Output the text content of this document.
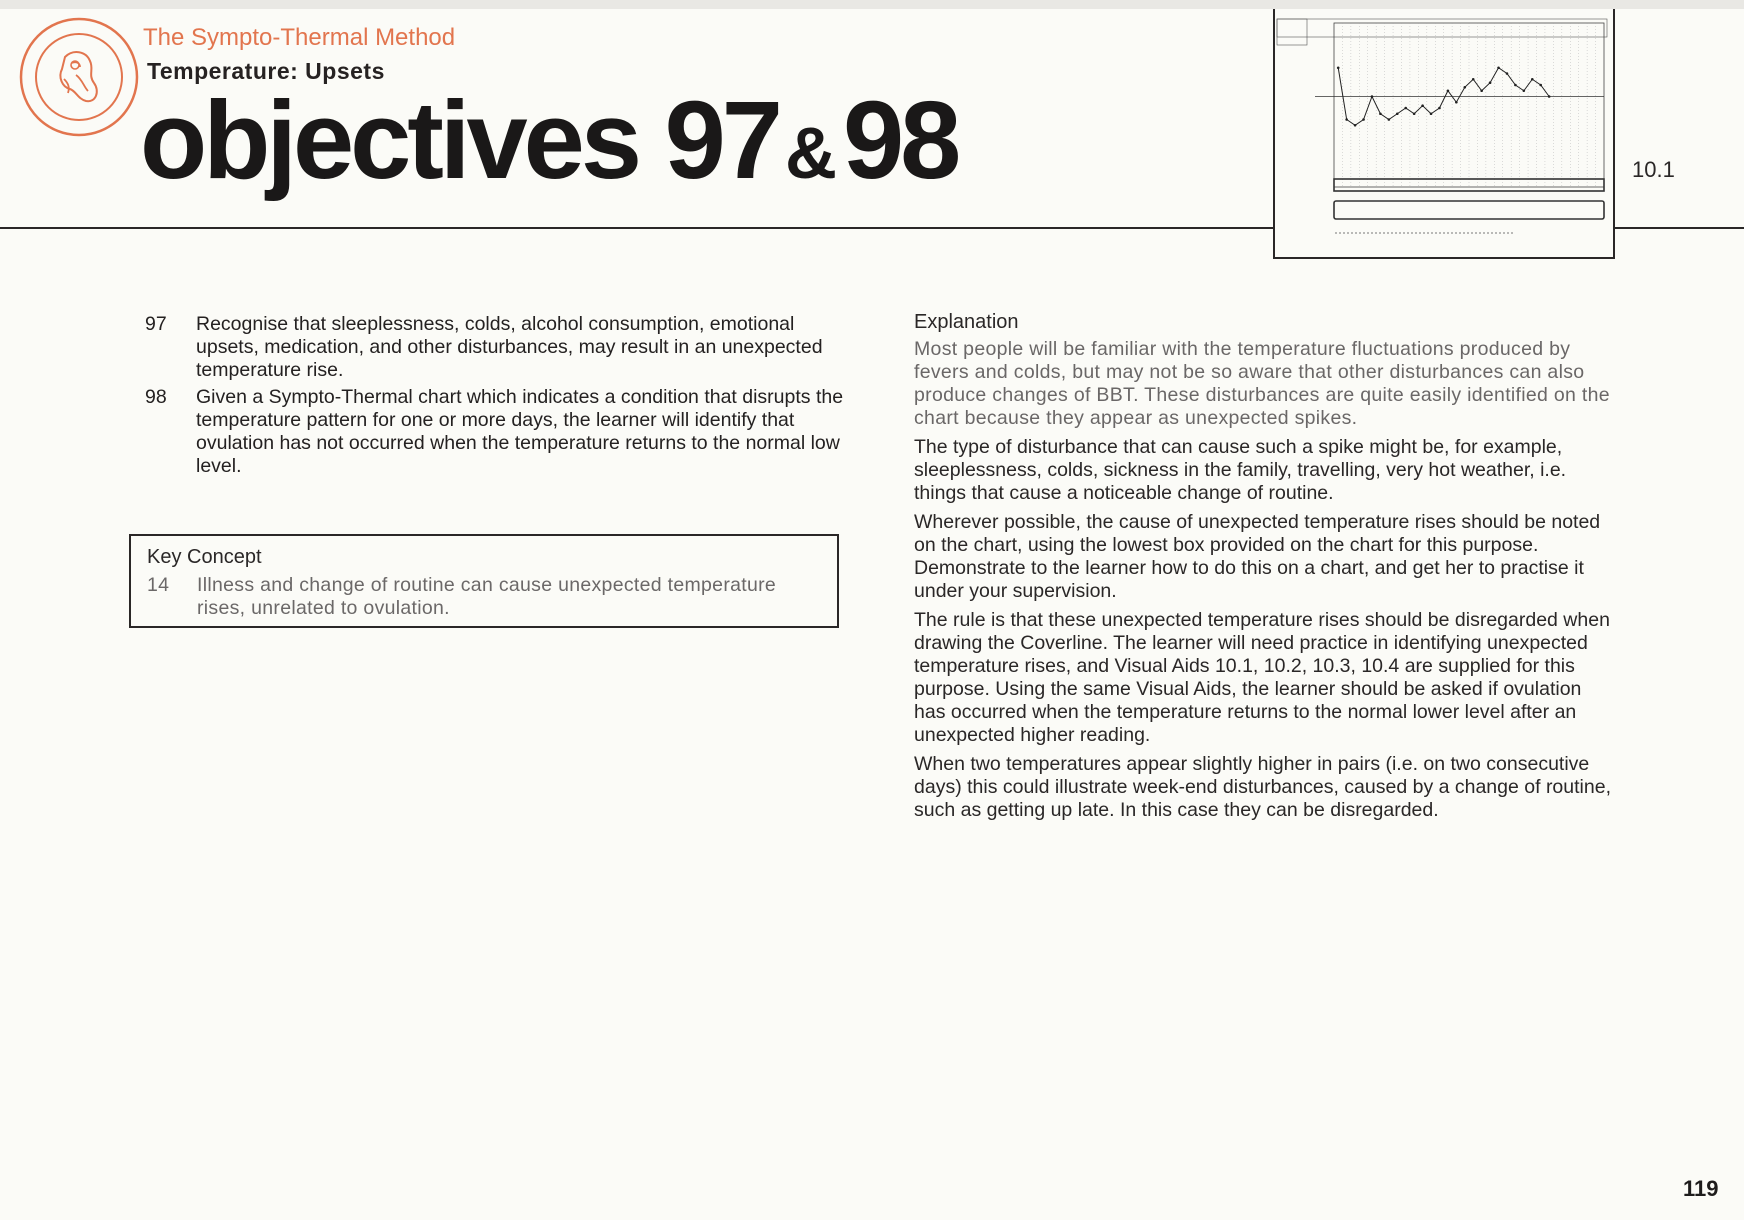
The Sympto-Thermal Method
Temperature: Upsets
objectives 97&98	10.1
97	Recognise that sleeplessness, colds, alcohol consumption, emotional upsets, medication, and other disturbances, may result in an unexpected temperature rise.
98	Given a Sympto-Thermal chart which indicates a condition that disrupts the temperature pattern for one or more days, the learner will identify that ovulation has not occurred when the temperature returns to the normal low level.
Key Concept
14	Illness and change of routine can cause unexpected temperature rises, unrelated to ovulation.
Explanation

Most people will be familiar with the temperature fluctuations produced by fevers and colds, but may not be so aware that other disturbances can also produce changes of BBT. These disturbances are quite easily identified on the chart because they appear as unexpected spikes.

The type of disturbance that can cause such a spike might be, for example, sleeplessness, colds, sickness in the family, travelling, very hot weather, i.e. things that cause a noticeable change of routine.

Wherever possible, the cause of unexpected temperature rises should be noted on the chart, using the lowest box provided on the chart for this purpose. Demonstrate to the learner how to do this on a chart, and get her to practise it under your supervision.

The rule is that these unexpected temperature rises should be disregarded when drawing the Coverline. The learner will need practice in identifying unexpected temperature rises, and Visual Aids 10.1, 10.2, 10.3, 10.4 are supplied for this purpose. Using the same Visual Aids, the learner should be asked if ovulation has occurred when the temperature returns to the normal lower level after an unexpected higher reading.

When two temperatures appear slightly higher in pairs (i.e. on two consecutive days) this could illustrate week-end disturbances, caused by a change of routine, such as getting up late. In this case they can be disregarded.

119
